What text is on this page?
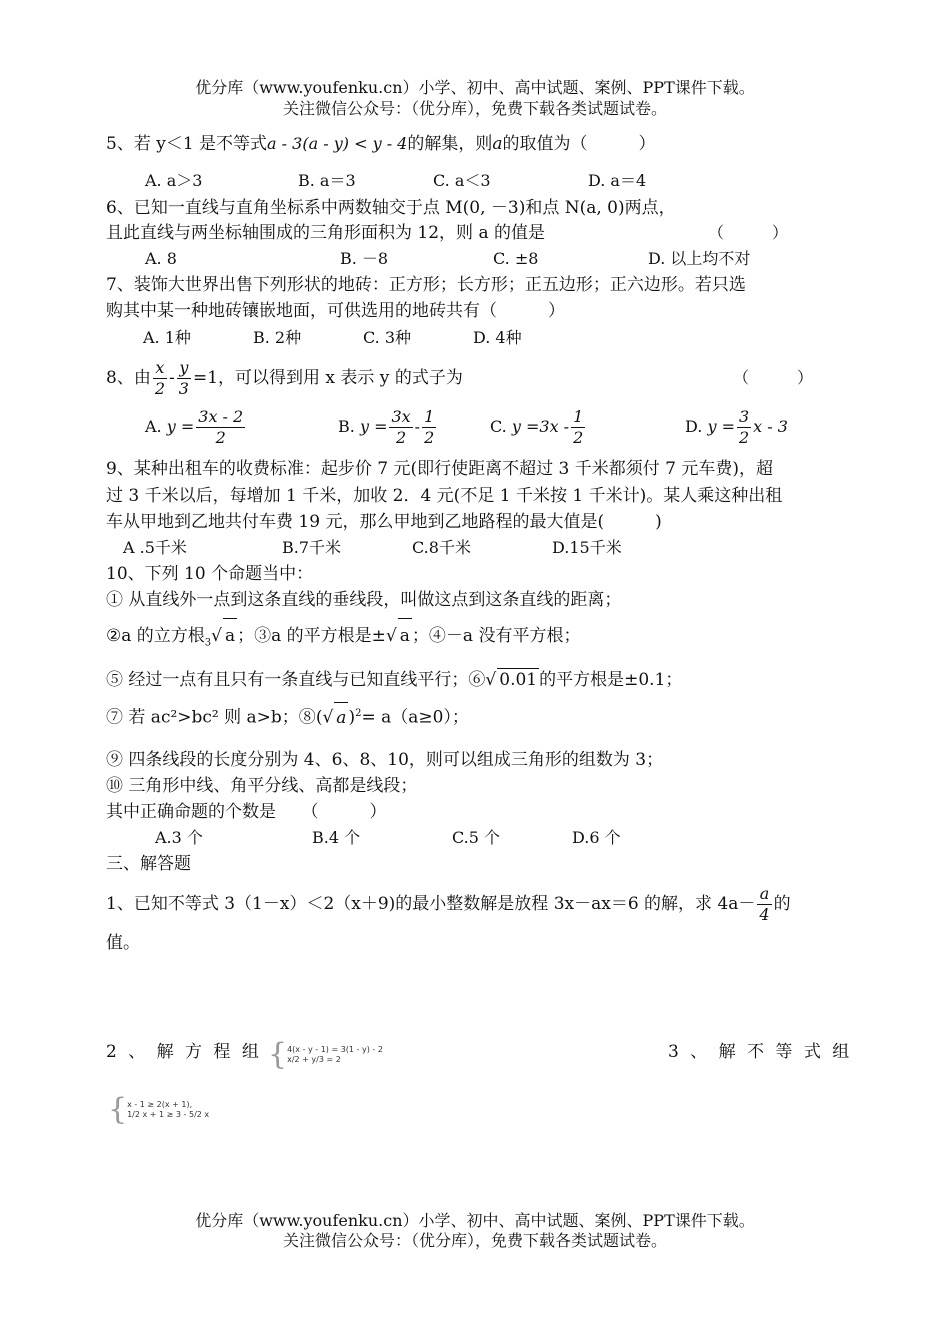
优分库（www.youfenku.cn）小学、初中、高中试题、案例、PPT课件下载。
关注微信公众号：（优分库），免费下载各类试题试卷。
5、若 y＜1 是不等式a - 3(a - y) < y - 4的解集，则a的取值为（　　　）
A. a＞3	B. a＝3	C. a＜3	D. a＝4
6、已知一直线与直角坐标系中两数轴交于点 M(0, －3)和点 N(a, 0)两点，
且此直线与两坐标轴围成的三角形面积为 12，则 a 的值是	（　　　）
A. 8	B. －8	C. ±8	D. 以上均不对
7、装饰大世界出售下列形状的地砖：正方形；长方形；正五边形；正六边形。若只选
购其中某一种地砖镶嵌地面，可供选用的地砖共有（　　　）
A. 1种	B. 2种	C. 3种	D. 4种
8、由 $\frac{x}{2} - \frac{y}{3} =1$，可以得到用 x 表示 y 的式子为	（　　　）
A. $y = \frac{3x - 2}{2}$	B. $y = \frac{3x}{2} - \frac{1}{2}$	C. $y =3x - \frac{1}{2}$	D. $y = \frac{3}{2}$ x - 3
9、某种出租车的收费标准：起步价 7 元(即行使距离不超过 3 千米都须付 7 元车费)，超
过 3 千米以后，每增加 1 千米，加收 2．4 元(不足 1 千米按 1 千米计)。某人乘这种出租
车从甲地到乙地共付车费 19 元，那么甲地到乙地路程的最大值是(　　　)
A .5千米	B.7千米	C.8千米	D.15千米
10、下列 10 个命题当中：
① 从直线外一点到这条直线的垂线段，叫做这点到这条直线的距离；
②a 的立方根$_3$√ a ；③a 的平方根是±√ a ；④－a 没有平方根；
⑤ 经过一点有且只有一条直线与已知直线平行；⑥√ 0.01 的平方根是±0.1；
⑦ 若 ac²>bc² 则 a>b；⑧(√ a )$^2$= a（a≥0）；
⑨ 四条线段的长度分别为 4、6、8、10，则可以组成三角形的组数为 3；
⑩ 三角形中线、角平分线、高都是线段；
其中正确命题的个数是　　（　　　）
A.3 个	B.4 个	C.5 个	D.6 个
三、解答题
1、已知不等式 3（1－x）＜2（x＋9)的最小整数解是放程 3x－ax＝6 的解，求 $4a- \frac{a}{4}$ 的
值。
2 、 解 方 程 组 { 4(x - y - 1) = 3(1 - y) - 2
x/2 + y/3 = 2	3 、 解 不 等 式 组
{ x - 1 ≥ 2(x + 1),
1/2 x + 1 ≥ 3 - 5/2 x
优分库（www.youfenku.cn）小学、初中、高中试题、案例、PPT课件下载。
关注微信公众号：（优分库），免费下载各类试题试卷。
